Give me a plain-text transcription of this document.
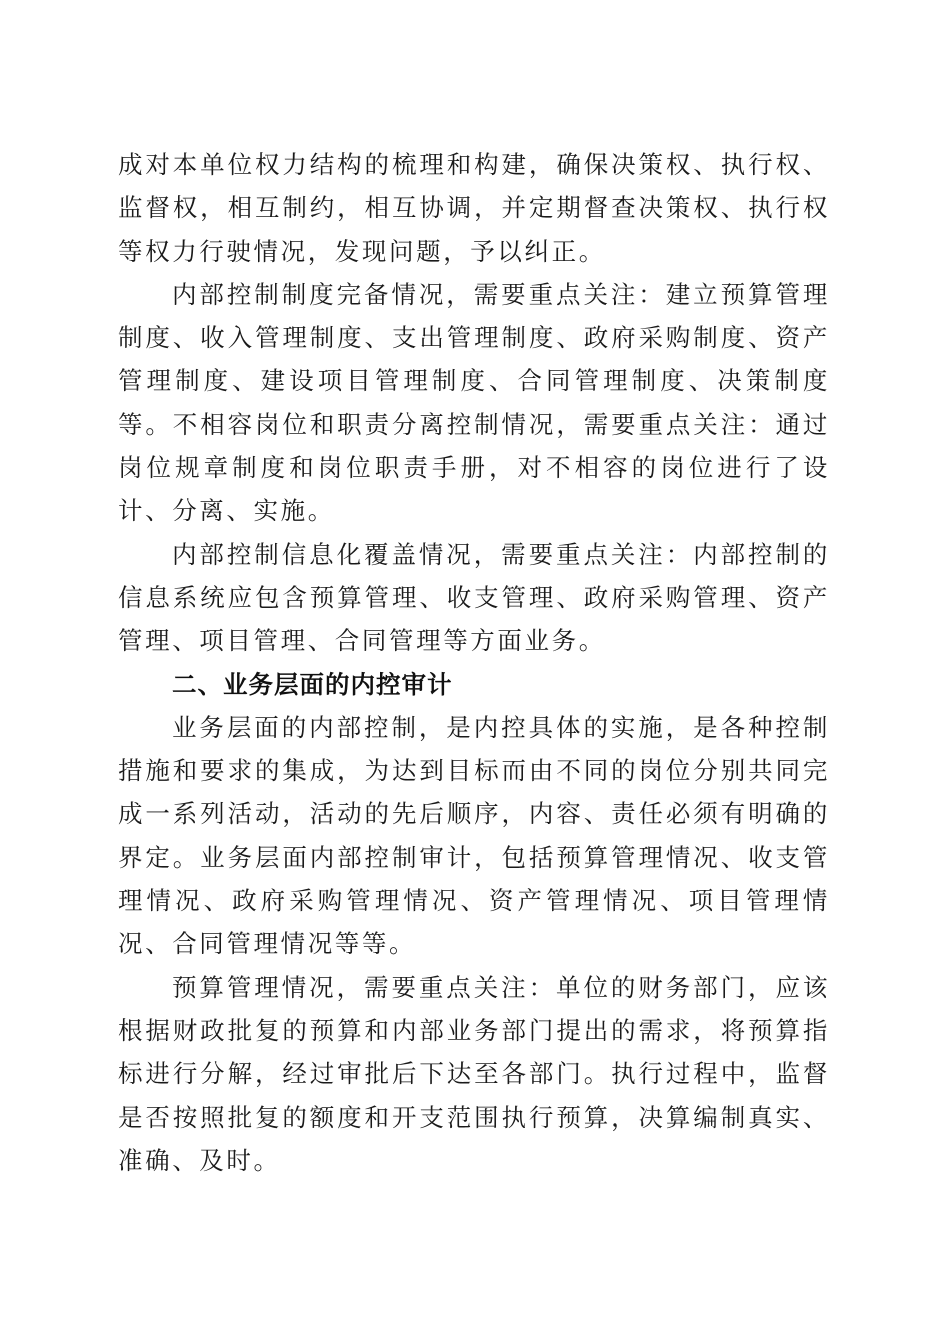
成对本单位权力结构的梳理和构建，确保决策权、执行权、监督权，相互制约，相互协调，并定期督查决策权、执行权等权力行驶情况，发现问题，予以纠正。

内部控制制度完备情况，需要重点关注：建立预算管理制度、收入管理制度、支出管理制度、政府采购制度、资产管理制度、建设项目管理制度、合同管理制度、决策制度等。不相容岗位和职责分离控制情况，需要重点关注：通过岗位规章制度和岗位职责手册，对不相容的岗位进行了设计、分离、实施。

内部控制信息化覆盖情况，需要重点关注：内部控制的信息系统应包含预算管理、收支管理、政府采购管理、资产管理、项目管理、合同管理等方面业务。

二、业务层面的内控审计

业务层面的内部控制，是内控具体的实施，是各种控制措施和要求的集成，为达到目标而由不同的岗位分别共同完成一系列活动，活动的先后顺序，内容、责任必须有明确的界定。业务层面内部控制审计，包括预算管理情况、收支管理情况、政府采购管理情况、资产管理情况、项目管理情况、合同管理情况等等。

预算管理情况，需要重点关注：单位的财务部门，应该根据财政批复的预算和内部业务部门提出的需求，将预算指标进行分解，经过审批后下达至各部门。执行过程中，监督是否按照批复的额度和开支范围执行预算，决算编制真实、准确、及时。
